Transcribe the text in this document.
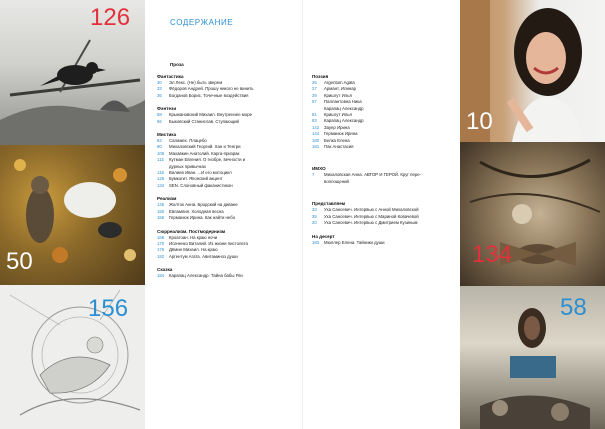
126
50
156
СОДЕРЖАНИЕ
Проза
Фантастика
30	Эл Лекс. (Не) быть зверем
33	Фёдоров Андрей. Прошу никого не винить
36	Богданов Борис. Точечные воздействия
Фэнтези
58	Крыжановский Михаил. Внутреннее море
66	Быковский Станислав. Ступающий
Мистика
84	Саламех. Плацебо
90	Михаловский Георгий. Хан и Тенгри
106	Махавкин Анатолий. Карга-призрак
112	Кутман Евгения. О гнобре, вечности и
дурных привычках
118	Валиев Иван. ...И его мотоцикл
126	Бумкогит. Японский акцент
134	SEN. Слоновный факанистикон
Реализм
146	Жолток Анна. Бродский на диване
150	Евлампия. Холодная весна
156	Германюк Ирина. Как найти небо
Сюрреализм. Постмодернизм
166	Кроатоан. На краю ночи
170	Исаченко Виталий. Из жизни пистолета
176	Дёмин Михаил. На краю
182	Аргентум Агата. Авитаминоз души
Сказка
184	Карапац Александр. Тайна бабы Яги
Поэзия
26	Argentum Agata
27	Армант, Илинар
29	Кришгут Илья
57	Паллантовна Ника
Карапац Александр
81	Кришгут Илья
83	Карапац Александр
142	Зауер Ирина
144	Германюк Ирина
180	Белка Елена
181	Пак Анастасия
ИМХО
7	Михаловская Анна. АВТОР И ГЕРОЙ. Круг пере-
воплощений
Представляем
33	Уха Сансевич. Интервью с Анной Михаловской
35	Уха Сансевич. Интервью с Мариной Ковачевой
20	Уха Сансевич. Интервью с Дмитрием Кузиным
На десерт
183	Мюллер Елена. Тайники души
10
134
58
